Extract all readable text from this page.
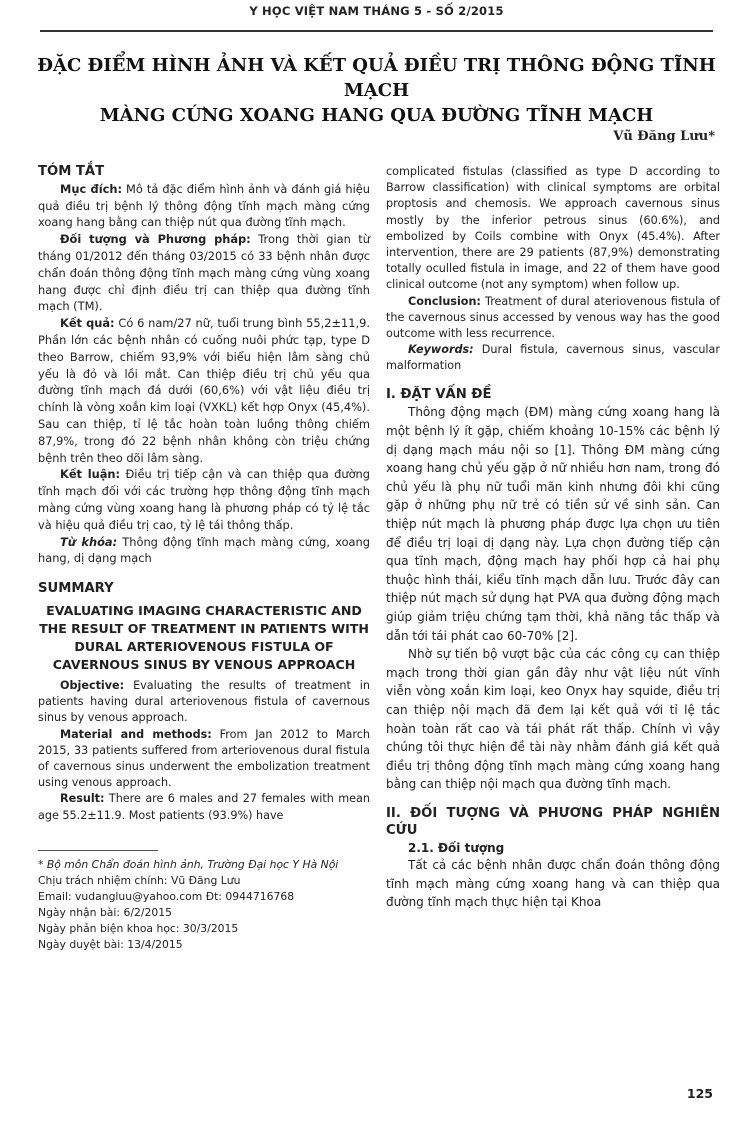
Y HỌC VIỆT NAM THÁNG 5 - SỐ 2/2015
ĐẶC ĐIỂM HÌNH ẢNH VÀ KẾT QUẢ ĐIỀU TRỊ THÔNG ĐỘNG TĨNH MẠCH
MÀNG CỨNG XOANG HANG QUA ĐƯỜNG TĨNH MẠCH
Vũ Đăng Lưu*

TÓM TẮT

Mục đích: Mô tả đặc điểm hình ảnh và đánh giá hiệu quả điều trị bệnh lý thông động tĩnh mạch màng cứng xoang hang bằng can thiệp nút qua đường tĩnh mạch.

Đối tượng và Phương pháp: Trong thời gian từ tháng 01/2012 đến tháng 03/2015 có 33 bệnh nhân được chẩn đoán thông động tĩnh mạch màng cứng vùng xoang hang được chỉ định điều trị can thiệp qua đường tĩnh mạch (TM).

Kết quả: Có 6 nam/27 nữ, tuổi trung bình 55,2±11,9. Phần lớn các bệnh nhân có cuống nuôi phức tạp, type D theo Barrow, chiếm 93,9% với biểu hiện lâm sàng chủ yếu là đỏ và lồi mắt. Can thiệp điều trị chủ yếu qua đường tĩnh mạch đá dưới (60,6%) với vật liệu điều trị chính là vòng xoắn kim loại (VXKL) kết hợp Onyx (45,4%). Sau can thiệp, tỉ lệ tắc hoàn toàn luồng thông chiếm 87,9%, trong đó 22 bệnh nhân không còn triệu chứng bệnh trên theo dõi lâm sàng.

Kết luận: Điều trị tiếp cận và can thiệp qua đường tĩnh mạch đối với các trường hợp thông động tĩnh mạch màng cứng vùng xoang hang là phương pháp có tỷ lệ tắc và hiệu quả điều trị cao, tỷ lệ tái thông thấp.

Từ khóa: Thông động tĩnh mạch màng cứng, xoang hang, dị dạng mạch

SUMMARY

EVALUATING IMAGING CHARACTERISTIC AND THE RESULT OF TREATMENT IN PATIENTS WITH DURAL ARTERIOVENOUS FISTULA OF CAVERNOUS SINUS BY VENOUS APPROACH

Objective: Evaluating the results of treatment in patients having dural arteriovenous fistula of cavernous sinus by venous approach.

Material and methods: From Jan 2012 to March 2015, 33 patients suffered from arteriovenous dural fistula of cavernous sinus underwent the embolization treatment using venous approach.

Result: There are 6 males and 27 females with mean age 55.2±11.9. Most patients (93.9%) have

* Bộ môn Chẩn đoán hình ảnh, Trường Đại học Y Hà Nội

Chịu trách nhiệm chính: Vũ Đăng Lưu

Email: vudangluu@yahoo.com Đt: 0944716768

Ngày nhận bài: 6/2/2015

Ngày phản biện khoa học: 30/3/2015

Ngày duyệt bài: 13/4/2015

complicated fistulas (classified as type D according to Barrow classification) with clinical symptoms are orbital proptosis and chemosis. We approach cavernous sinus mostly by the inferior petrous sinus (60.6%), and embolized by Coils combine with Onyx (45.4%). After intervention, there are 29 patients (87,9%) demonstrating totally oculled fistula in image, and 22 of them have good clinical outcome (not any symptom) when follow up.

Conclusion: Treatment of dural ateriovenous fistula of the cavernous sinus accessed by venous way has the good outcome with less recurrence.

Keywords: Dural fistula, cavernous sinus, vascular malformation

I. ĐẶT VẤN ĐỀ

Thông động mạch (ĐM) màng cứng xoang hang là một bệnh lý ít gặp, chiếm khoảng 10-15% các bệnh lý dị dạng mạch máu nội so [1]. Thông ĐM màng cứng xoang hang chủ yếu gặp ở nữ nhiều hơn nam, trong đó chủ yếu là phụ nữ tuổi mãn kinh nhưng đôi khi cũng gặp ở những phụ nữ trẻ có tiền sử về sinh sản. Can thiệp nút mạch là phương pháp được lựa chọn ưu tiên để điều trị loại dị dạng này. Lựa chọn đường tiếp cận qua tĩnh mạch, động mạch hay phối hợp cả hai phụ thuộc hình thái, kiểu tĩnh mạch dẫn lưu. Trước đây can thiệp nút mạch sử dụng hạt PVA qua đường động mạch giúp giảm triệu chứng tạm thời, khả năng tắc thấp và dẫn tới tái phát cao 60-70% [2].

Nhờ sự tiến bộ vượt bậc của các công cụ can thiệp mạch trong thời gian gần đây như vật liệu nút vĩnh viễn vòng xoắn kim loại, keo Onyx hay squide, điều trị can thiệp nội mạch đã đem lại kết quả với tỉ lệ tắc hoàn toàn rất cao và tái phát rất thấp. Chính vì vậy chúng tôi thực hiện đề tài này nhằm đánh giá kết quả điều trị thông động tĩnh mạch màng cứng xoang hang bằng can thiệp nội mạch qua đường tĩnh mạch.

II. ĐỐI TƯỢNG VÀ PHƯƠNG PHÁP NGHIÊN CỨU

2.1. Đối tượng

Tất cả các bệnh nhân được chẩn đoán thông động tĩnh mạch màng cứng xoang hang và can thiệp qua đường tĩnh mạch thực hiện tại Khoa

125
